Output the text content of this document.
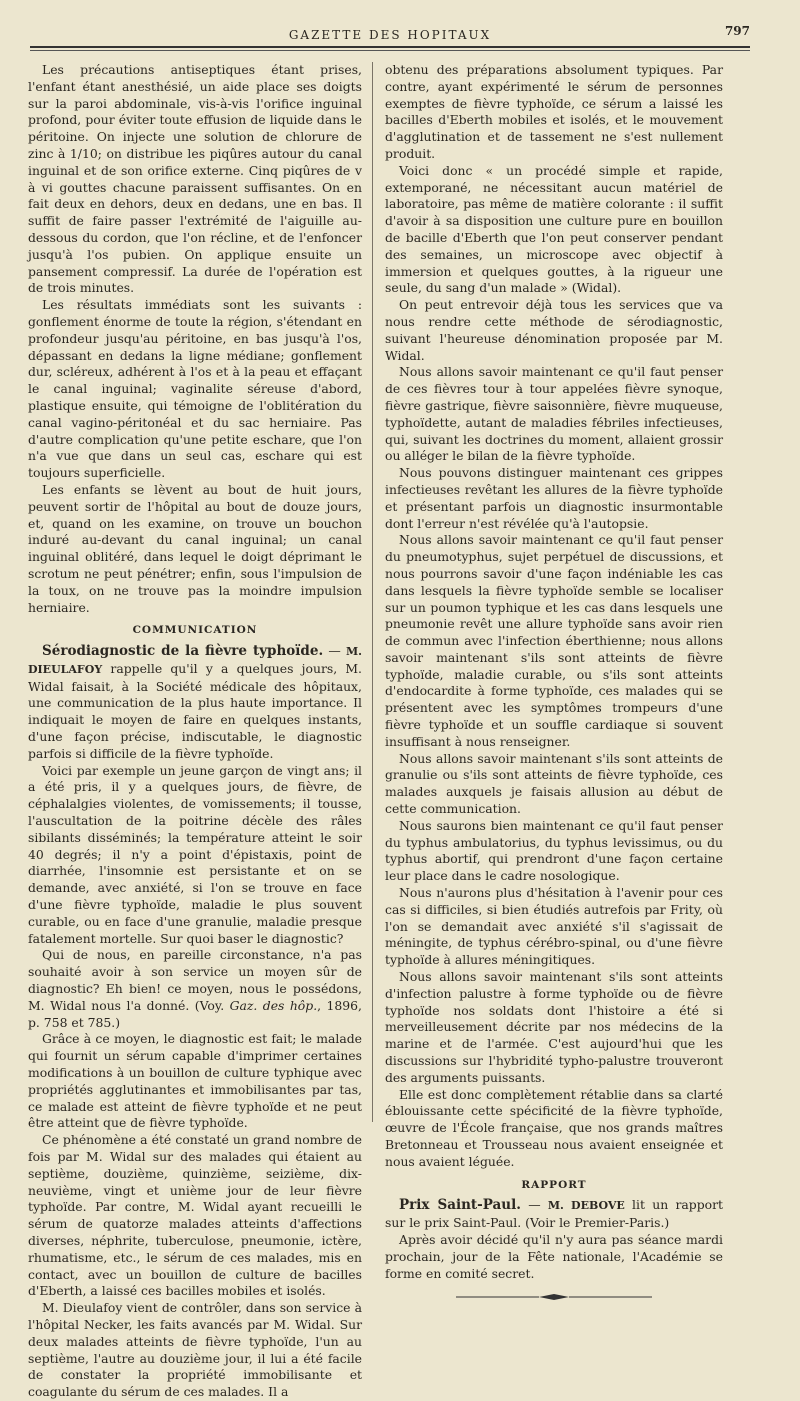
GAZETTE DES HOPITAUX	797

Les précautions antiseptiques étant prises, l'enfant étant anesthésié, un aide place ses doigts sur la paroi abdominale, vis-à-vis l'orifice inguinal profond, pour éviter toute effusion de liquide dans le péritoine. On injecte une solution de chlorure de zinc à 1/10; on distribue les piqûres autour du canal inguinal et de son orifice externe. Cinq piqûres de v à vi gouttes chacune paraissent suffisantes. On en fait deux en dehors, deux en dedans, une en bas. Il suffit de faire passer l'extrémité de l'aiguille au-dessous du cordon, que l'on récline, et de l'enfoncer jusqu'à l'os pubien. On applique ensuite un pansement compressif. La durée de l'opération est de trois minutes.

Les résultats immédiats sont les suivants : gonflement énorme de toute la région, s'étendant en profondeur jusqu'au péritoine, en bas jusqu'à l'os, dépassant en dedans la ligne médiane; gonflement dur, scléreux, adhérent à l'os et à la peau et effaçant le canal inguinal; vaginalite séreuse d'abord, plastique ensuite, qui témoigne de l'oblitération du canal vagino-péritonéal et du sac herniaire. Pas d'autre complication qu'une petite eschare, que l'on n'a vue que dans un seul cas, eschare qui est toujours superficielle.

Les enfants se lèvent au bout de huit jours, peuvent sortir de l'hôpital au bout de douze jours, et, quand on les examine, on trouve un bouchon induré au-devant du canal inguinal; un canal inguinal oblitéré, dans lequel le doigt déprimant le scrotum ne peut pénétrer; enfin, sous l'impulsion de la toux, on ne trouve pas la moindre impulsion herniaire.

COMMUNICATION

Sérodiagnostic de la fièvre typhoïde. — M. DIEULAFOY rappelle qu'il y a quelques jours, M. Widal faisait, à la Société médicale des hôpitaux, une communication de la plus haute importance. Il indiquait le moyen de faire en quelques instants, d'une façon précise, indiscutable, le diagnostic parfois si difficile de la fièvre typhoïde.

Voici par exemple un jeune garçon de vingt ans; il a été pris, il y a quelques jours, de fièvre, de céphalalgies violentes, de vomissements; il tousse, l'auscultation de la poitrine décèle des râles sibilants disséminés; la température atteint le soir 40 degrés; il n'y a point d'épistaxis, point de diarrhée, l'insomnie est persistante et on se demande, avec anxiété, si l'on se trouve en face d'une fièvre typhoïde, maladie le plus souvent curable, ou en face d'une granulie, maladie presque fatalement mortelle. Sur quoi baser le diagnostic?

Qui de nous, en pareille circonstance, n'a pas souhaité avoir à son service un moyen sûr de diagnostic? Eh bien! ce moyen, nous le possédons, M. Widal nous l'a donné. (Voy. Gaz. des hôp., 1896, p. 758 et 785.)

Grâce à ce moyen, le diagnostic est fait; le malade qui fournit un sérum capable d'imprimer certaines modifications à un bouillon de culture typhique avec propriétés agglutinantes et immobilisantes par tas, ce malade est atteint de fièvre typhoïde et ne peut être atteint que de fièvre typhoïde.

Ce phénomène a été constaté un grand nombre de fois par M. Widal sur des malades qui étaient au septième, douzième, quinzième, seizième, dix-neuvième, vingt et unième jour de leur fièvre typhoïde. Par contre, M. Widal ayant recueilli le sérum de quatorze malades atteints d'affections diverses, néphrite, tuberculose, pneumonie, ictère, rhumatisme, etc., le sérum de ces malades, mis en contact, avec un bouillon de culture de bacilles d'Eberth, a laissé ces bacilles mobiles et isolés.

M. Dieulafoy vient de contrôler, dans son service à l'hôpital Necker, les faits avancés par M. Widal. Sur deux malades atteints de fièvre typhoïde, l'un au septième, l'autre au douzième jour, il lui a été facile de constater la propriété immobilisante et coagulante du sérum de ces malades. Il a

obtenu des préparations absolument typiques. Par contre, ayant expérimenté le sérum de personnes exemptes de fièvre typhoïde, ce sérum a laissé les bacilles d'Eberth mobiles et isolés, et le mouvement d'agglutination et de tassement ne s'est nullement produit.

Voici donc « un procédé simple et rapide, extemporané, ne nécessitant aucun matériel de laboratoire, pas même de matière colorante : il suffit d'avoir à sa disposition une culture pure en bouillon de bacille d'Eberth que l'on peut conserver pendant des semaines, un microscope avec objectif à immersion et quelques gouttes, à la rigueur une seule, du sang d'un malade » (Widal).

On peut entrevoir déjà tous les services que va nous rendre cette méthode de sérodiagnostic, suivant l'heureuse dénomination proposée par M. Widal.

Nous allons savoir maintenant ce qu'il faut penser de ces fièvres tour à tour appelées fièvre synoque, fièvre gastrique, fièvre saisonnière, fièvre muqueuse, typhoïdette, autant de maladies fébriles infectieuses, qui, suivant les doctrines du moment, allaient grossir ou alléger le bilan de la fièvre typhoïde.

Nous pouvons distinguer maintenant ces grippes infectieuses revêtant les allures de la fièvre typhoïde et présentant parfois un diagnostic insurmontable dont l'erreur n'est révélée qu'à l'autopsie.

Nous allons savoir maintenant ce qu'il faut penser du pneumotyphus, sujet perpétuel de discussions, et nous pourrons savoir d'une façon indéniable les cas dans lesquels la fièvre typhoïde semble se localiser sur un poumon typhique et les cas dans lesquels une pneumonie revêt une allure typhoïde sans avoir rien de commun avec l'infection éberthienne; nous allons savoir maintenant s'ils sont atteints de fièvre typhoïde, maladie curable, ou s'ils sont atteints d'endocardite à forme typhoïde, ces malades qui se présentent avec les symptômes trompeurs d'une fièvre typhoïde et un souffle cardiaque si souvent insuffisant à nous renseigner.

Nous allons savoir maintenant s'ils sont atteints de granulie ou s'ils sont atteints de fièvre typhoïde, ces malades auxquels je faisais allusion au début de cette communication.

Nous saurons bien maintenant ce qu'il faut penser du typhus ambulatorius, du typhus levissimus, ou du typhus abortif, qui prendront d'une façon certaine leur place dans le cadre nosologique.

Nous n'aurons plus d'hésitation à l'avenir pour ces cas si difficiles, si bien étudiés autrefois par Frity, où l'on se demandait avec anxiété s'il s'agissait de méningite, de typhus cérébro-spinal, ou d'une fièvre typhoïde à allures méningitiques.

Nous allons savoir maintenant s'ils sont atteints d'infection palustre à forme typhoïde ou de fièvre typhoïde nos soldats dont l'histoire a été si merveilleusement décrite par nos médecins de la marine et de l'armée. C'est aujourd'hui que les discussions sur l'hybridité typho-palustre trouveront des arguments puissants.

Elle est donc complètement rétablie dans sa clarté éblouissante cette spécificité de la fièvre typhoïde, œuvre de l'École française, que nos grands maîtres Bretonneau et Trousseau nous avaient enseignée et nous avaient léguée.

RAPPORT

Prix Saint-Paul. — M. DEBOVE lit un rapport sur le prix Saint-Paul. (Voir le Premier-Paris.)

Après avoir décidé qu'il n'y aura pas séance mardi prochain, jour de la Fête nationale, l'Académie se forme en comité secret.
